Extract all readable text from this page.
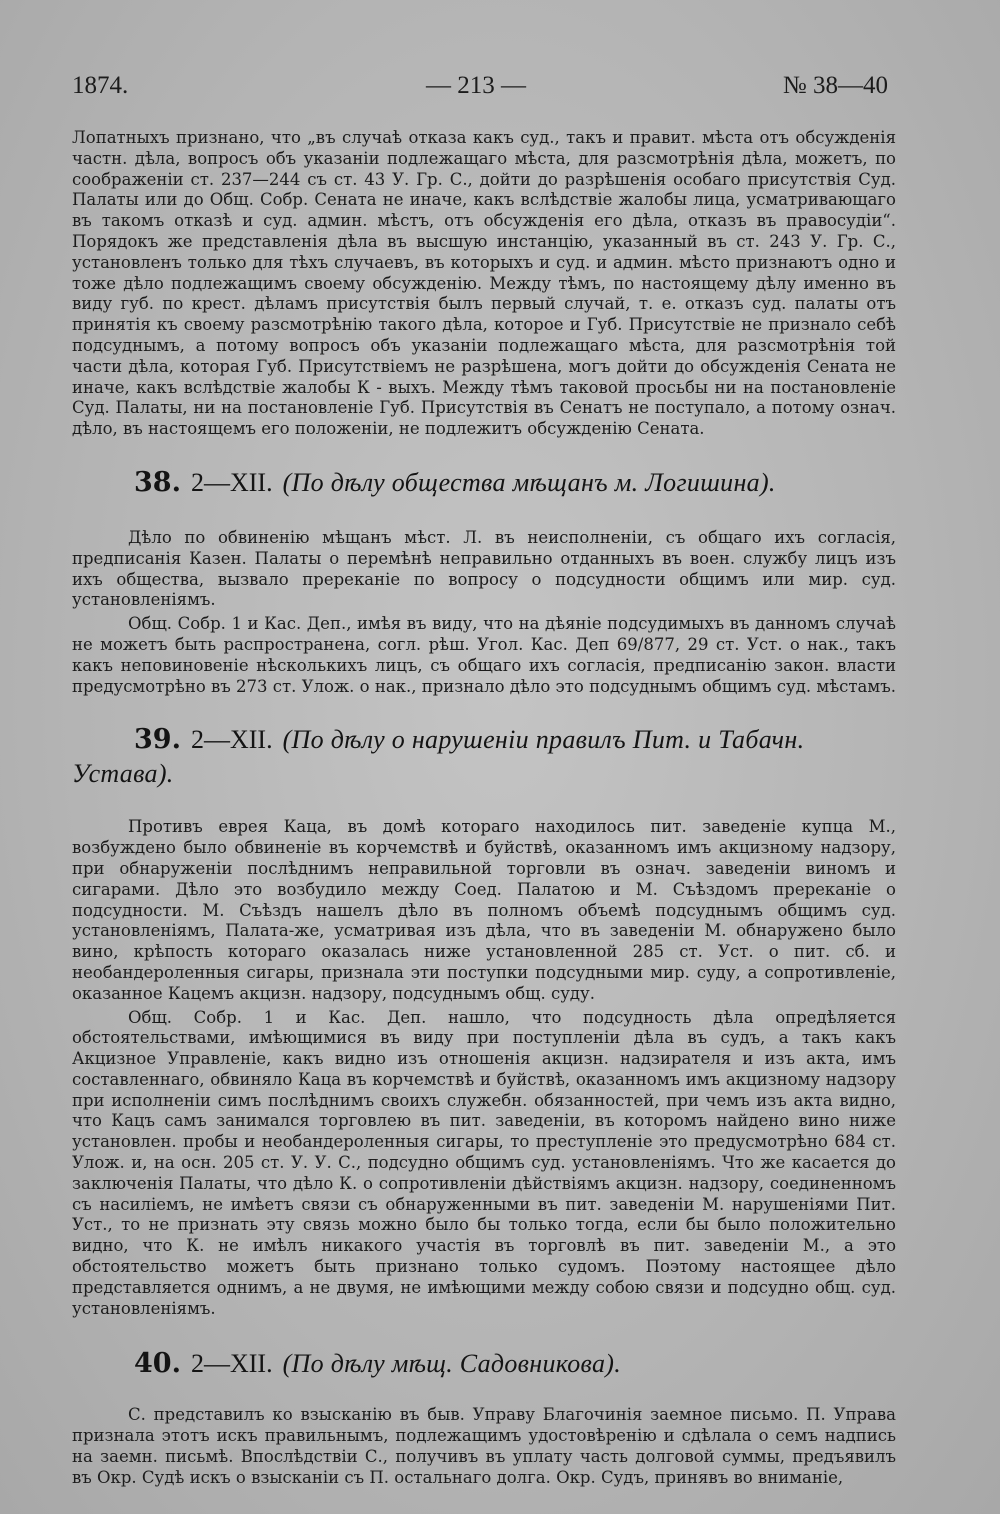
1874.	— 213 —	№ 38—40

Лопатныхъ признано, что „въ случаѣ отказа какъ суд., такъ и правит. мѣста отъ обсужденія частн. дѣла, вопросъ объ указаніи подлежащаго мѣста, для разсмотрѣнія дѣла, можетъ, по соображеніи ст. 237—244 съ ст. 43 У. Гр. С., дойти до разрѣшенія особаго присутствія Суд. Палаты или до Общ. Собр. Сената не иначе, какъ вслѣдствіе жалобы лица, усматривающаго въ такомъ отказѣ и суд. админ. мѣстъ, отъ обсужденія его дѣла, отказъ въ правосудіи“. Порядокъ же представленія дѣла въ высшую инстанцію, указанный въ ст. 243 У. Гр. С., установленъ только для тѣхъ случаевъ, въ которыхъ и суд. и админ. мѣсто признаютъ одно и тоже дѣло подлежащимъ своему обсужденію. Между тѣмъ, по настоящему дѣлу именно въ виду губ. по крест. дѣламъ присутствія былъ первый случай, т. е. отказъ суд. палаты отъ принятія къ своему разсмотрѣнію такого дѣла, которое и Губ. Присутствіе не признало себѣ подсуднымъ, а потому вопросъ объ указаніи подлежащаго мѣста, для разсмотрѣнія той части дѣла, которая Губ. Присутствіемъ не разрѣшена, могъ дойти до обсужденія Сената не иначе, какъ вслѣдствіе жалобы К - выхъ. Между тѣмъ таковой просьбы ни на постановленіе Суд. Палаты, ни на постановленіе Губ. Присутствія въ Сенатъ не поступало, а потому означ. дѣло, въ настоящемъ его положеніи, не подлежитъ обсужденію Сената.

38. 2—XII. (По дѣлу общества мѣщанъ м. Логишина).

Дѣло по обвиненію мѣщанъ мѣст. Л. въ неисполненіи, съ общаго ихъ согласія, предписанія Казен. Палаты о перемѣнѣ неправильно отданныхъ въ воен. службу лицъ изъ ихъ общества, вызвало пререканіе по вопросу о подсудности общимъ или мир. суд. установленіямъ.

Общ. Собр. 1 и Кас. Деп., имѣя въ виду, что на дѣяніе подсудимыхъ въ данномъ случаѣ не можетъ быть распространена, согл. рѣш. Угол. Кас. Деп 69/877, 29 ст. Уст. о нак., такъ какъ неповиновеніе нѣсколькихъ лицъ, съ общаго ихъ согласія, предписанію закон. власти предусмотрѣно въ 273 ст. Улож. о нак., признало дѣло это подсуднымъ общимъ суд. мѣстамъ.

39. 2—XII. (По дѣлу о нарушеніи правилъ Пит. и Табачн.
Устава).

Противъ еврея Каца, въ домѣ котораго находилось пит. заведеніе купца М., возбуждено было обвиненіе въ корчемствѣ и буйствѣ, оказанномъ имъ акцизному надзору, при обнаруженіи послѣднимъ неправильной торговли въ означ. заведеніи виномъ и сигарами. Дѣло это возбудило между Соед. Палатою и М. Съѣздомъ пререканіе о подсудности. М. Съѣздъ нашелъ дѣло въ полномъ объемѣ подсуднымъ общимъ суд. установленіямъ, Палата-же, усматривая изъ дѣла, что въ заведеніи М. обнаружено было вино, крѣпость котораго оказалась ниже установленной 285 ст. Уст. о пит. сб. и необандероленныя сигары, признала эти поступки подсудными мир. суду, а сопротивленіе, оказанное Кацемъ акцизн. надзору, подсуднымъ общ. суду.

Общ. Собр. 1 и Кас. Деп. нашло, что подсудность дѣла опредѣляется обстоятельствами, имѣющимися въ виду при поступленіи дѣла въ судъ, а такъ какъ Акцизное Управленіе, какъ видно изъ отношенія акцизн. надзирателя и изъ акта, имъ составленнаго, обвиняло Каца въ корчемствѣ и буйствѣ, оказанномъ имъ акцизному надзору при исполненіи симъ послѣднимъ своихъ служебн. обязанностей, при чемъ изъ акта видно, что Кацъ самъ занимался торговлею въ пит. заведеніи, въ которомъ найдено вино ниже установлен. пробы и необандероленныя сигары, то преступленіе это предусмотрѣно 684 ст. Улож. и, на осн. 205 ст. У. У. С., подсудно общимъ суд. установленіямъ. Что же касается до заключенія Палаты, что дѣло К. о сопротивленіи дѣйствіямъ акцизн. надзору, соединенномъ съ насиліемъ, не имѣетъ связи съ обнаруженными въ пит. заведеніи М. нарушеніями Пит. Уст., то не признать эту связь можно было бы только тогда, если бы было положительно видно, что К. не имѣлъ никакого участія въ торговлѣ въ пит. заведеніи М., а это обстоятельство можетъ быть признано только судомъ. Поэтому настоящее дѣло представляется однимъ, а не двумя, не имѣющими между собою связи и подсудно общ. суд. установленіямъ.

40. 2—XII. (По дѣлу мѣщ. Садовникова).

С. представилъ ко взысканію въ быв. Управу Благочинія заемное письмо. П. Управа признала этотъ искъ правильнымъ, подлежащимъ удостовѣренію и сдѣлала о семъ надпись на заемн. письмѣ. Впослѣдствіи С., получивъ въ уплату часть долговой суммы, предъявилъ въ Окр. Судѣ искъ о взысканіи съ П. остальнаго долга. Окр. Судъ, принявъ во вниманіе,
